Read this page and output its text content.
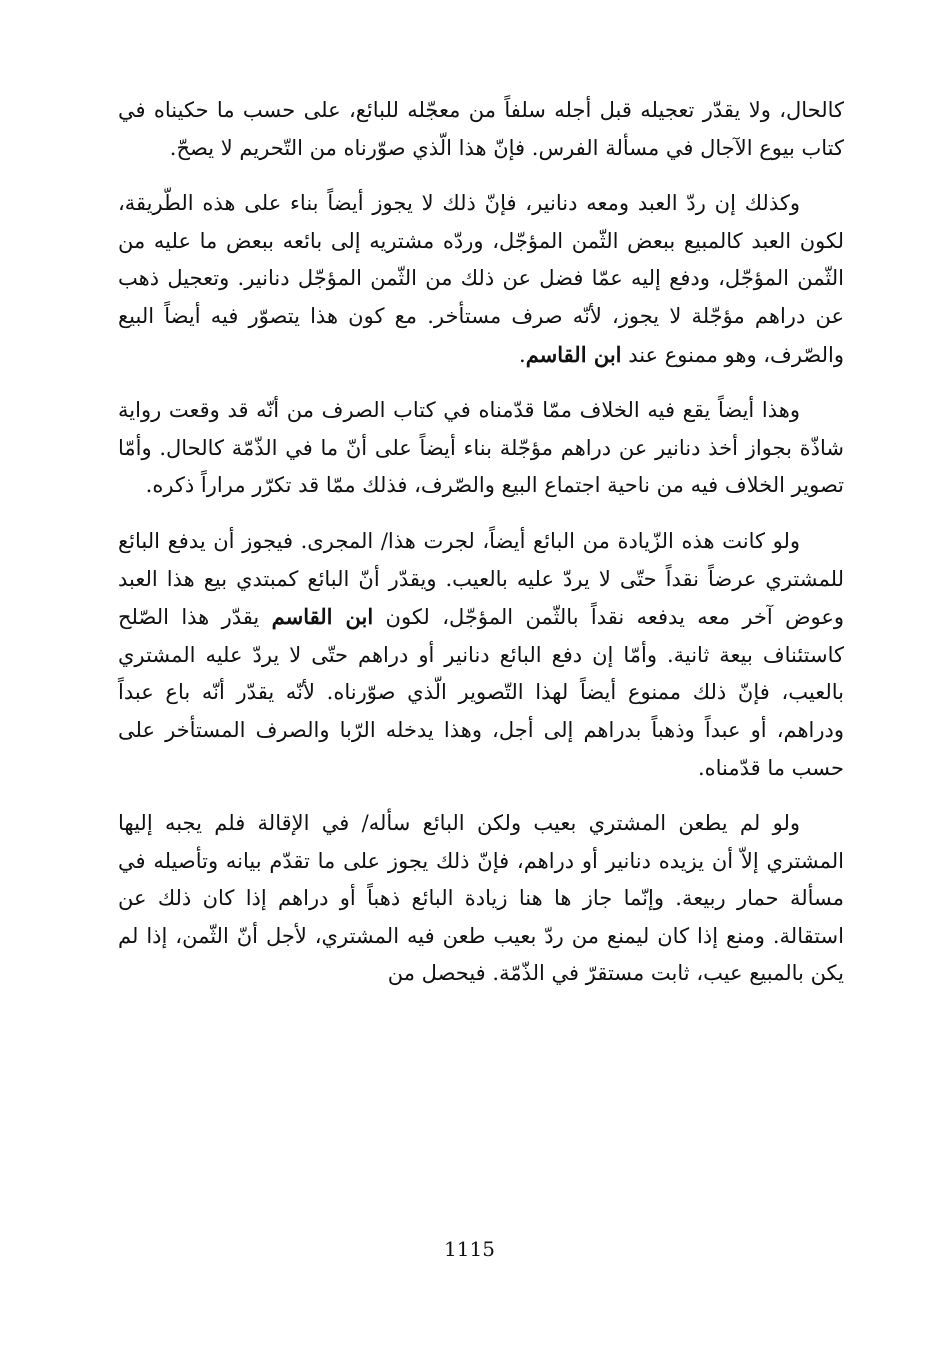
كالحال، ولا يقدّر تعجيله قبل أجله سلفاً من معجّله للبائع، على حسب ما حكيناه في كتاب بيوع الآجال في مسألة الفرس. فإنّ هذا الّذي صوّرناه من التّحريم لا يصحّ.

وكذلك إن ردّ العبد ومعه دنانير، فإنّ ذلك لا يجوز أيضاً بناء على هذه الطّريقة، لكون العبد كالمبيع ببعض الثّمن المؤجّل، وردّه مشتريه إلى بائعه ببعض ما عليه من الثّمن المؤجّل، ودفع إليه عمّا فضل عن ذلك من الثّمن المؤجّل دنانير. وتعجيل ذهب عن دراهم مؤجّلة لا يجوز، لأنّه صرف مستأخر. مع كون هذا يتصوّر فيه أيضاً البيع والصّرف، وهو ممنوع عند ابن القاسم.

وهذا أيضاً يقع فيه الخلاف ممّا قدّمناه في كتاب الصرف من أنّه قد وقعت رواية شاذّة بجواز أخذ دنانير عن دراهم مؤجّلة بناء أيضاً على أنّ ما في الذّمّة كالحال. وأمّا تصوير الخلاف فيه من ناحية اجتماع البيع والصّرف، فذلك ممّا قد تكرّر مراراً ذكره.

ولو كانت هذه الزّيادة من البائع أيضاً، لجرت هذا/ المجرى. فيجوز أن يدفع البائع للمشتري عرضاً نقداً حتّى لا يردّ عليه بالعيب. ويقدّر أنّ البائع كمبتدي بيع هذا العبد وعوض آخر معه يدفعه نقداً بالثّمن المؤجّل، لكون ابن القاسم يقدّر هذا الصّلح كاستئناف بيعة ثانية. وأمّا إن دفع البائع دنانير أو دراهم حتّى لا يردّ عليه المشتري بالعيب، فإنّ ذلك ممنوع أيضاً لهذا التّصوير الّذي صوّرناه. لأنّه يقدّر أنّه باع عبداً ودراهم، أو عبداً وذهباً بدراهم إلى أجل، وهذا يدخله الرّبا والصرف المستأخر على حسب ما قدّمناه.

ولو لم يطعن المشتري بعيب ولكن البائع سأله/ في الإقالة فلم يجبه إليها المشتري إلاّ أن يزيده دنانير أو دراهم، فإنّ ذلك يجوز على ما تقدّم بيانه وتأصيله في مسألة حمار ربيعة. وإنّما جاز ها هنا زيادة البائع ذهباً أو دراهم إذا كان ذلك عن استقالة. ومنع إذا كان ليمنع من ردّ بعيب طعن فيه المشتري، لأجل أنّ الثّمن، إذا لم يكن بالمبيع عيب، ثابت مستقرّ في الذّمّة. فيحصل من

1115
